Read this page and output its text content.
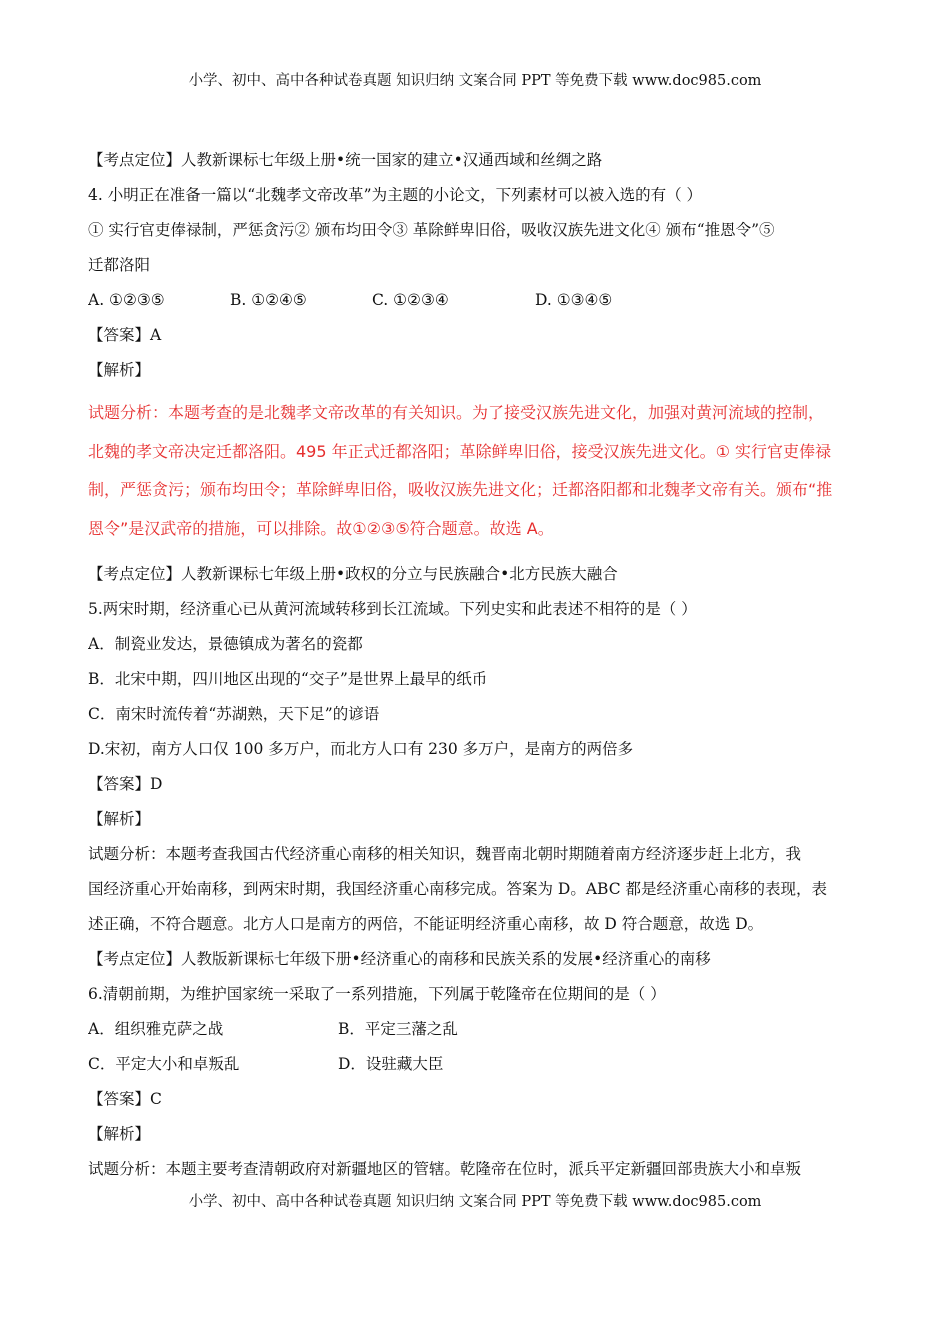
小学、初中、高中各种试卷真题 知识归纳 文案合同 PPT 等免费下载 www.doc985.com
【考点定位】人教新课标七年级上册•统一国家的建立•汉通西域和丝绸之路
4. 小明正在准备一篇以“北魏孝文帝改革”为主题的小论文，下列素材可以被入选的有（ ）
① 实行官吏俸禄制，严惩贪污② 颁布均田令③ 革除鲜卑旧俗，吸收汉族先进文化④ 颁布“推恩令”⑤
迁都洛阳
A. ①②③⑤	B. ①②④⑤	C. ①②③④	D. ①③④⑤
【答案】A
【解析】
试题分析：本题考查的是北魏孝文帝改革的有关知识。为了接受汉族先进文化，加强对黄河流域的控制，
北魏的孝文帝决定迁都洛阳。495 年正式迁都洛阳；革除鲜卑旧俗，接受汉族先进文化。① 实行官吏俸禄
制，严惩贪污；颁布均田令；革除鲜卑旧俗，吸收汉族先进文化；迁都洛阳都和北魏孝文帝有关。颁布“推
恩令”是汉武帝的措施，可以排除。故①②③⑤符合题意。故选 A。
【考点定位】人教新课标七年级上册•政权的分立与民族融合•北方民族大融合
5.两宋时期，经济重心已从黄河流域转移到长江流域。下列史实和此表述不相符的是（ ）
A．制瓷业发达，景德镇成为著名的瓷都
B．北宋中期，四川地区出现的“交子”是世界上最早的纸币
C．南宋时流传着“苏湖熟，天下足”的谚语
D.宋初，南方人口仅 100 多万户，而北方人口有 230 多万户，是南方的两倍多
【答案】D
【解析】
试题分析：本题考查我国古代经济重心南移的相关知识，魏晋南北朝时期随着南方经济逐步赶上北方，我
国经济重心开始南移，到两宋时期，我国经济重心南移完成。答案为 D。ABC 都是经济重心南移的表现，表
述正确，不符合题意。北方人口是南方的两倍，不能证明经济重心南移，故 D 符合题意，故选 D。
【考点定位】人教版新课标七年级下册•经济重心的南移和民族关系的发展•经济重心的南移
6.清朝前期，为维护国家统一采取了一系列措施，下列属于乾隆帝在位期间的是（ ）
A．组织雅克萨之战	B．平定三藩之乱
C．平定大小和卓叛乱	D．设驻藏大臣
【答案】C
【解析】
试题分析：本题主要考查清朝政府对新疆地区的管辖。乾隆帝在位时，派兵平定新疆回部贵族大小和卓叛
小学、初中、高中各种试卷真题 知识归纳 文案合同 PPT 等免费下载 www.doc985.com
